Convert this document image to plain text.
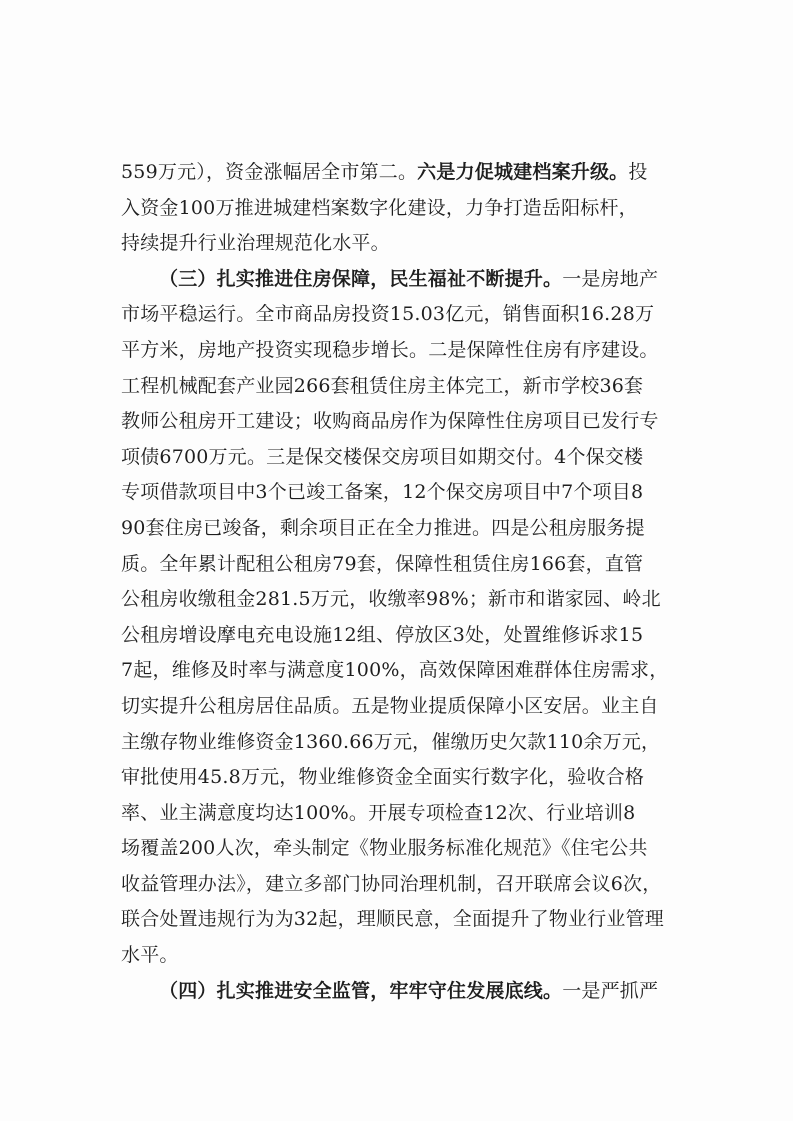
559万元），资金涨幅居全市第二。六是力促城建档案升级。投
入资金100万推进城建档案数字化建设，力争打造岳阳标杆，
持续提升行业治理规范化水平。
（三）扎实推进住房保障，民生福祉不断提升。一是房地产
市场平稳运行。全市商品房投资15.03亿元，销售面积16.28万
平方米，房地产投资实现稳步增长。二是保障性住房有序建设。
工程机械配套产业园266套租赁住房主体完工，新市学校36套
教师公租房开工建设；收购商品房作为保障性住房项目已发行专
项债6700万元。三是保交楼保交房项目如期交付。4个保交楼
专项借款项目中3个已竣工备案，12个保交房项目中7个项目8
90套住房已竣备，剩余项目正在全力推进。四是公租房服务提
质。全年累计配租公租房79套，保障性租赁住房166套，直管
公租房收缴租金281.5万元，收缴率98%；新市和谐家园、岭北
公租房增设摩电充电设施12组、停放区3处，处置维修诉求15
7起，维修及时率与满意度100%，高效保障困难群体住房需求，
切实提升公租房居住品质。五是物业提质保障小区安居。业主自
主缴存物业维修资金1360.66万元，催缴历史欠款110余万元，
审批使用45.8万元，物业维修资金全面实行数字化，验收合格
率、业主满意度均达100%。开展专项检查12次、行业培训8
场覆盖200人次，牵头制定《物业服务标准化规范》《住宅公共
收益管理办法》，建立多部门协同治理机制，召开联席会议6次，
联合处置违规行为为32起，理顺民意，全面提升了物业行业管理
水平。
（四）扎实推进安全监管，牢牢守住发展底线。一是严抓严
